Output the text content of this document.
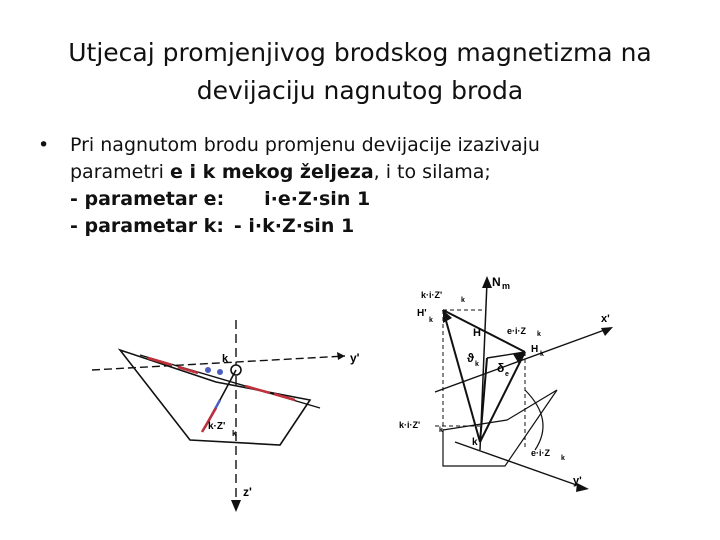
Utjecaj promjenjivog brodskog magnetizma na
devijaciju nagnutog broda
• Pri nagnutom brodu promjenu devijacije izazivaju
parametri e i k mekog željeza, i to silama;
- parametar e: i·e·Z·sin 1
- parametar k: - i·k·Z·sin 1
k	y'
z'
k·Z'
k
N m
k·i·Z'
k
H'
k
H	e·i·Z k
H k
ϑ k δ e
x'
k·i·Z'
k
k
e·i·Z
k
y'
